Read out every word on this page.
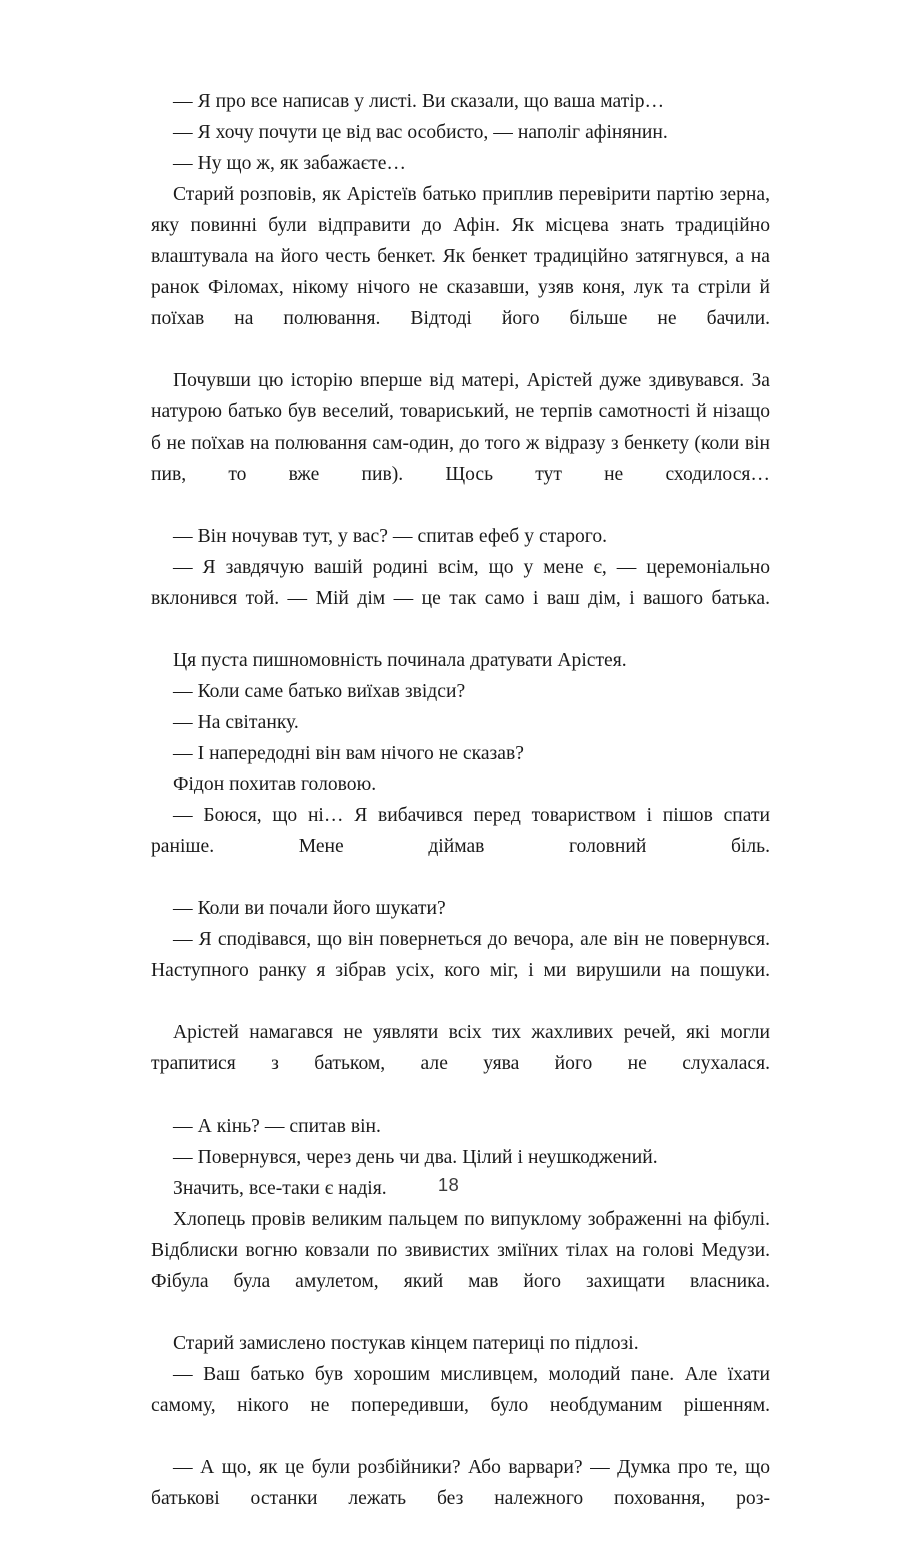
— Я про все написав у листі. Ви сказали, що ваша матір…

— Я хочу почути це від вас особисто, — наполіг афінянин.

— Ну що ж, як забажаєте…

Старий розповів, як Арістеїв батько приплив перевірити партію зерна, яку повинні були відправити до Афін. Як місцева знать традиційно влаштувала на його честь бенкет. Як бенкет традиційно затягнувся, а на ранок Філомах, нікому нічого не сказавши, узяв коня, лук та стріли й поїхав на полювання. Відтоді його більше не бачили.

Почувши цю історію вперше від матері, Арістей дуже здивувався. За натурою батько був веселий, товариський, не терпів самотності й нізащо б не поїхав на полювання сам-один, до того ж відразу з бенкету (коли він пив, то вже пив). Щось тут не сходилося…

— Він ночував тут, у вас? — спитав ефеб у старого.

— Я завдячую вашій родині всім, що у мене є, — церемоніально вклонився той. — Мій дім — це так само і ваш дім, і вашого батька.

Ця пуста пишномовність починала дратувати Арістея.

— Коли саме батько виїхав звідси?

— На світанку.

— І напередодні він вам нічого не сказав?

Фідон похитав головою.

— Боюся, що ні… Я вибачився перед товариством і пішов спати раніше. Мене діймав головний біль.

— Коли ви почали його шукати?

— Я сподівався, що він повернеться до вечора, але він не повернувся. Наступного ранку я зібрав усіх, кого міг, і ми вирушили на пошуки.

Арістей намагався не уявляти всіх тих жахливих речей, які могли трапитися з батьком, але уява його не слухалася.

— А кінь? — спитав він.

— Повернувся, через день чи два. Цілий і неушкоджений.

Значить, все-таки є надія.

Хлопець провів великим пальцем по випуклому зображенні на фібулі. Відблиски вогню ковзали по звивистих зміїних тілах на голові Медузи. Фібула була амулетом, який мав його захищати власника.

Старий замислено постукав кінцем патериці по підлозі.

— Ваш батько був хорошим мисливцем, молодий пане. Але їхати самому, нікого не попередивши, було необдуманим рішенням.

— А що, як це були розбійники? Або варвари? — Думка про те, що батькові останки лежать без належного поховання, роз-

18
